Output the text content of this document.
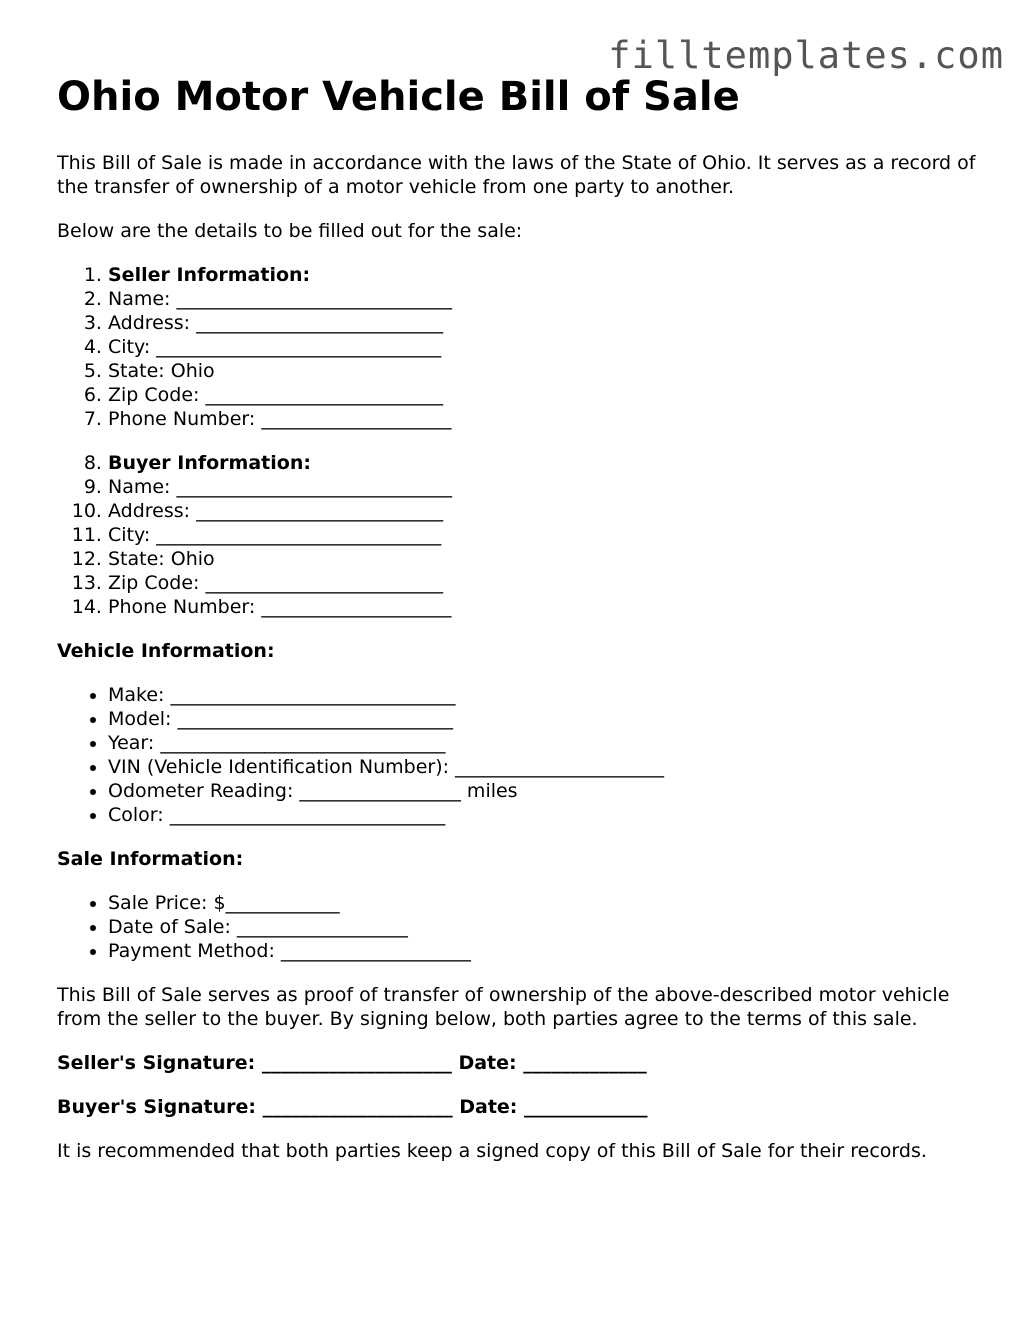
filltemplates.com
Ohio Motor Vehicle Bill of Sale

This Bill of Sale is made in accordance with the laws of the State of Ohio. It serves as a record of the transfer of ownership of a motor vehicle from one party to another.

Below are the details to be filled out for the sale:

1. Seller Information:
2. Name: _____________________________
3. Address: __________________________
4. City: ______________________________
5. State: Ohio
6. Zip Code: _________________________
7. Phone Number: ____________________
8. Buyer Information:
9. Name: _____________________________
10. Address: __________________________
11. City: ______________________________
12. State: Ohio
13. Zip Code: _________________________
14. Phone Number: ____________________
Vehicle Information:
• Make: ______________________________
• Model: _____________________________
• Year: ______________________________
• VIN (Vehicle Identification Number): ______________________
• Odometer Reading: _________________ miles
• Color: _____________________________
Sale Information:
• Sale Price: $____________
• Date of Sale: __________________
• Payment Method: ____________________

This Bill of Sale serves as proof of transfer of ownership of the above-described motor vehicle from the seller to the buyer. By signing below, both parties agree to the terms of this sale.

Seller's Signature: ____________________ Date: _____________
Buyer's Signature: ____________________ Date: _____________

It is recommended that both parties keep a signed copy of this Bill of Sale for their records.
